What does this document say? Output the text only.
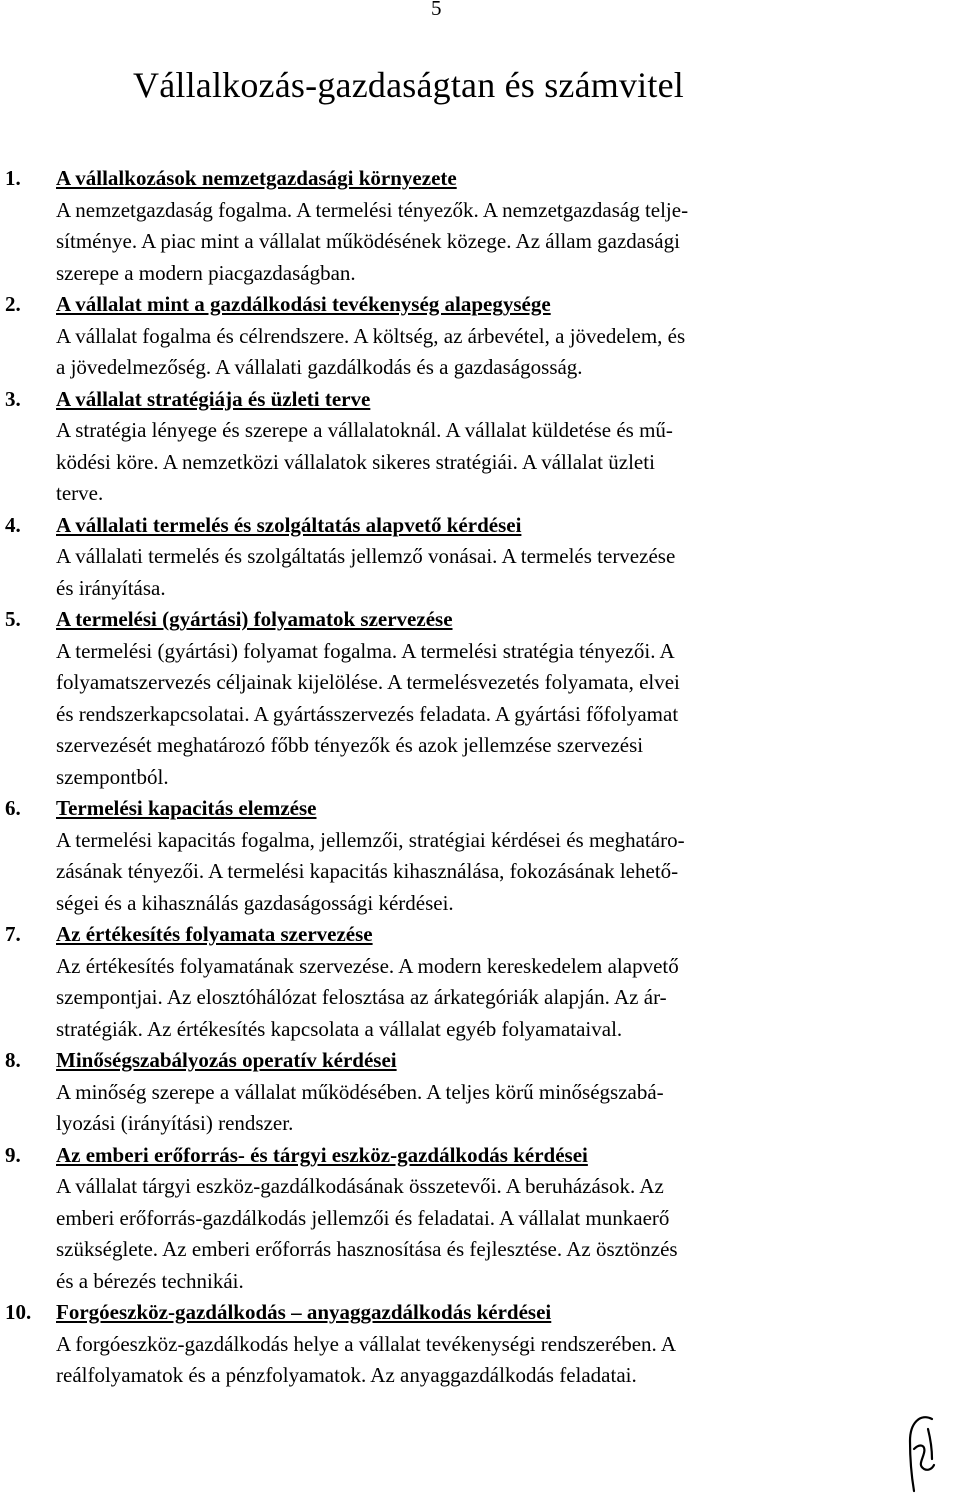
5
Vállalkozás-gazdaságtan és számvitel
1. A vállalkozások nemzetgazdasági környezete
A nemzetgazdaság fogalma. A termelési tényezők. A nemzetgazdaság telje-
sítménye. A piac mint a vállalat működésének közege. Az állam gazdasági
szerepe a modern piacgazdaságban.
2. A vállalat mint a gazdálkodási tevékenység alapegysége
A vállalat fogalma és célrendszere. A költség, az árbevétel, a jövedelem, és
a jövedelmezőség. A vállalati gazdálkodás és a gazdaságosság.
3. A vállalat stratégiája és üzleti terve
A stratégia lényege és szerepe a vállalatoknál. A vállalat küldetése és mű-
ködési köre. A nemzetközi vállalatok sikeres stratégiái. A vállalat üzleti
terve.
4. A vállalati termelés és szolgáltatás alapvető kérdései
A vállalati termelés és szolgáltatás jellemző vonásai. A termelés tervezése
és irányítása.
5. A termelési (gyártási) folyamatok szervezése
A termelési (gyártási) folyamat fogalma. A termelési stratégia tényezői. A
folyamatszervezés céljainak kijelölése. A termelésvezetés folyamata, elvei
és rendszerkapcsolatai. A gyártásszervezés feladata. A gyártási főfolyamat
szervezését meghatározó főbb tényezők és azok jellemzése szervezési
szempontból.
6. Termelési kapacitás elemzése
A termelési kapacitás fogalma, jellemzői, stratégiai kérdései és meghatáro-
zásának tényezői. A termelési kapacitás kihasználása, fokozásának lehető-
ségei és a kihasználás gazdaságossági kérdései.
7. Az értékesítés folyamata szervezése
Az értékesítés folyamatának szervezése. A modern kereskedelem alapvető
szempontjai. Az elosztóhálózat felosztása az árkategóriák alapján. Az ár-
stratégiák. Az értékesítés kapcsolata a vállalat egyéb folyamataival.
8. Minőségszabályozás operatív kérdései
A minőség szerepe a vállalat működésében. A teljes körű minőségszabá-
lyozási (irányítási) rendszer.
9. Az emberi erőforrás- és tárgyi eszköz-gazdálkodás kérdései
A vállalat tárgyi eszköz-gazdálkodásának összetevői. A beruházások. Az
emberi erőforrás-gazdálkodás jellemzői és feladatai. A vállalat munkaerő
szükséglete. Az emberi erőforrás hasznosítása és fejlesztése. Az ösztönzés
és a bérezés technikái.
10. Forgóeszköz-gazdálkodás – anyaggazdálkodás kérdései
A forgóeszköz-gazdálkodás helye a vállalat tevékenységi rendszerében. A
reálfolyamatok és a pénzfolyamatok. Az anyaggazdálkodás feladatai.
